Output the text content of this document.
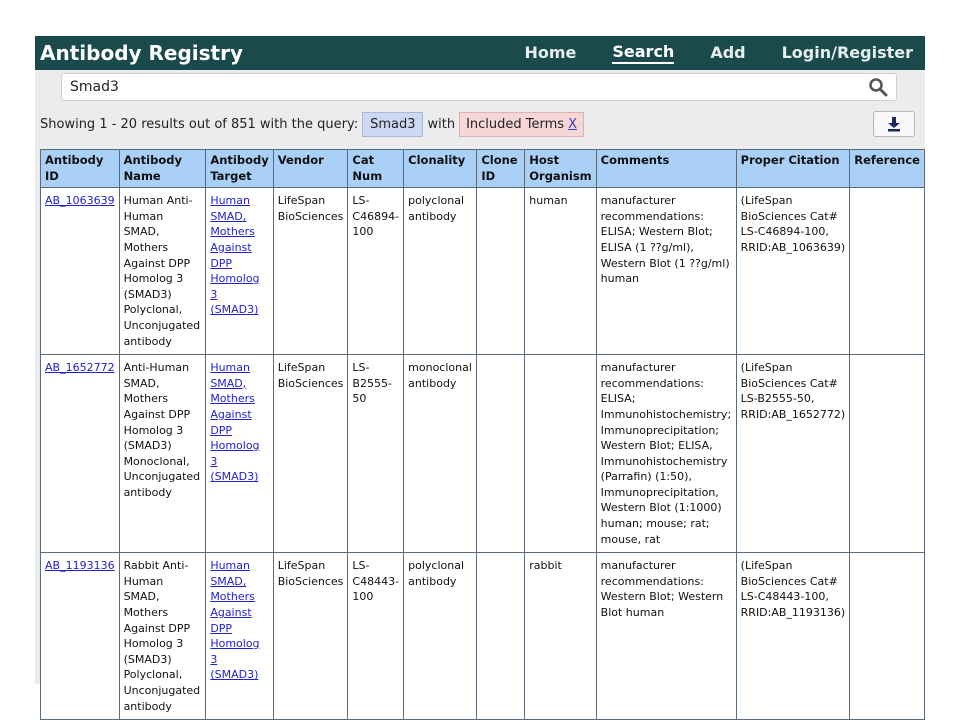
Antibody Registry	Home Search Add Login/Register
Smad3
Showing 1 - 20 results out of 851 with the query: Smad3 with Included Terms X
Antibody ID	Antibody Name	Antibody Target	Vendor	Cat Num	Clonality	Clone ID	Host Organism	Comments	Proper Citation	Reference
AB_1063639	Human Anti-Human SMAD, Mothers Against DPP Homolog 3 (SMAD3) Polyclonal, Unconjugated antibody	Human SMAD, Mothers Against DPP Homolog 3 (SMAD3)	LifeSpan BioSciences	LS-C46894-100	polyclonal antibody		human	manufacturer recommendations: ELISA; Western Blot; ELISA (1 ??g/ml), Western Blot (1 ??g/ml) human	(LifeSpan BioSciences Cat# LS-C46894-100, RRID:AB_1063639)	
AB_1652772	Anti-Human SMAD, Mothers Against DPP Homolog 3 (SMAD3) Monoclonal, Unconjugated antibody	Human SMAD, Mothers Against DPP Homolog 3 (SMAD3)	LifeSpan BioSciences	LS-B2555-50	monoclonal antibody			manufacturer recommendations: ELISA; Immunohistochemistry; Immunoprecipitation; Western Blot; ELISA, Immunohistochemistry (Parrafin) (1:50), Immunoprecipitation, Western Blot (1:1000) human; mouse; rat; mouse, rat	(LifeSpan BioSciences Cat# LS-B2555-50, RRID:AB_1652772)	
AB_1193136	Rabbit Anti-Human SMAD, Mothers Against DPP Homolog 3 (SMAD3) Polyclonal, Unconjugated antibody	Human SMAD, Mothers Against DPP Homolog 3 (SMAD3)	LifeSpan BioSciences	LS-C48443-100	polyclonal antibody		rabbit	manufacturer recommendations: Western Blot; Western Blot human	(LifeSpan BioSciences Cat# LS-C48443-100, RRID:AB_1193136)	
